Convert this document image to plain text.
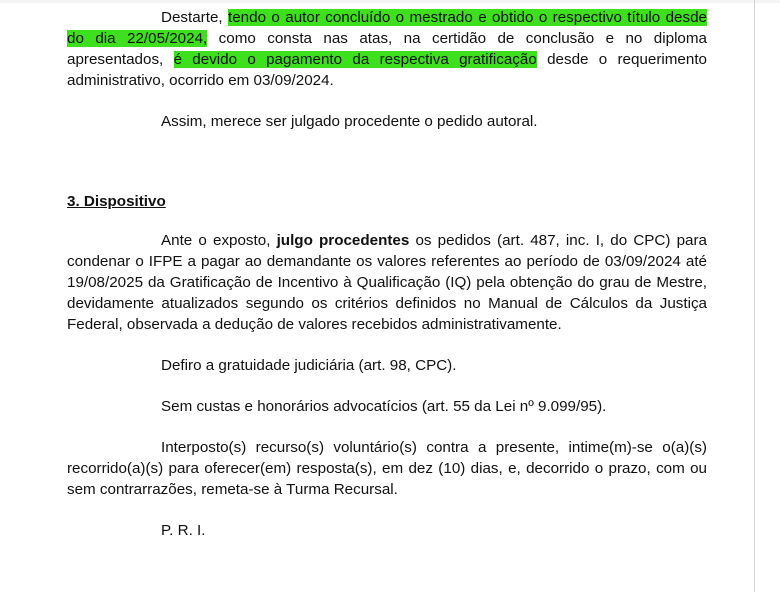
Destarte, tendo o autor concluído o mestrado e obtido o respectivo título desde do dia 22/05/2024, como consta nas atas, na certidão de conclusão e no diploma apresentados, é devido o pagamento da respectiva gratificação desde o requerimento administrativo, ocorrido em 03/09/2024.

Assim, merece ser julgado procedente o pedido autoral.

3. Dispositivo

Ante o exposto, julgo procedentes os pedidos (art. 487, inc. I, do CPC) para condenar o IFPE a pagar ao demandante os valores referentes ao período de 03/09/2024 até 19/08/2025 da Gratificação de Incentivo à Qualificação (IQ) pela obtenção do grau de Mestre, devidamente atualizados segundo os critérios definidos no Manual de Cálculos da Justiça Federal, observada a dedução de valores recebidos administrativamente.

Defiro a gratuidade judiciária (art. 98, CPC).

Sem custas e honorários advocatícios (art. 55 da Lei nº 9.099/95).

Interposto(s) recurso(s) voluntário(s) contra a presente, intime(m)-se o(a)(s) recorrido(a)(s) para oferecer(em) resposta(s), em dez (10) dias, e, decorrido o prazo, com ou sem contrarrazões, remeta-se à Turma Recursal.

P. R. I.
